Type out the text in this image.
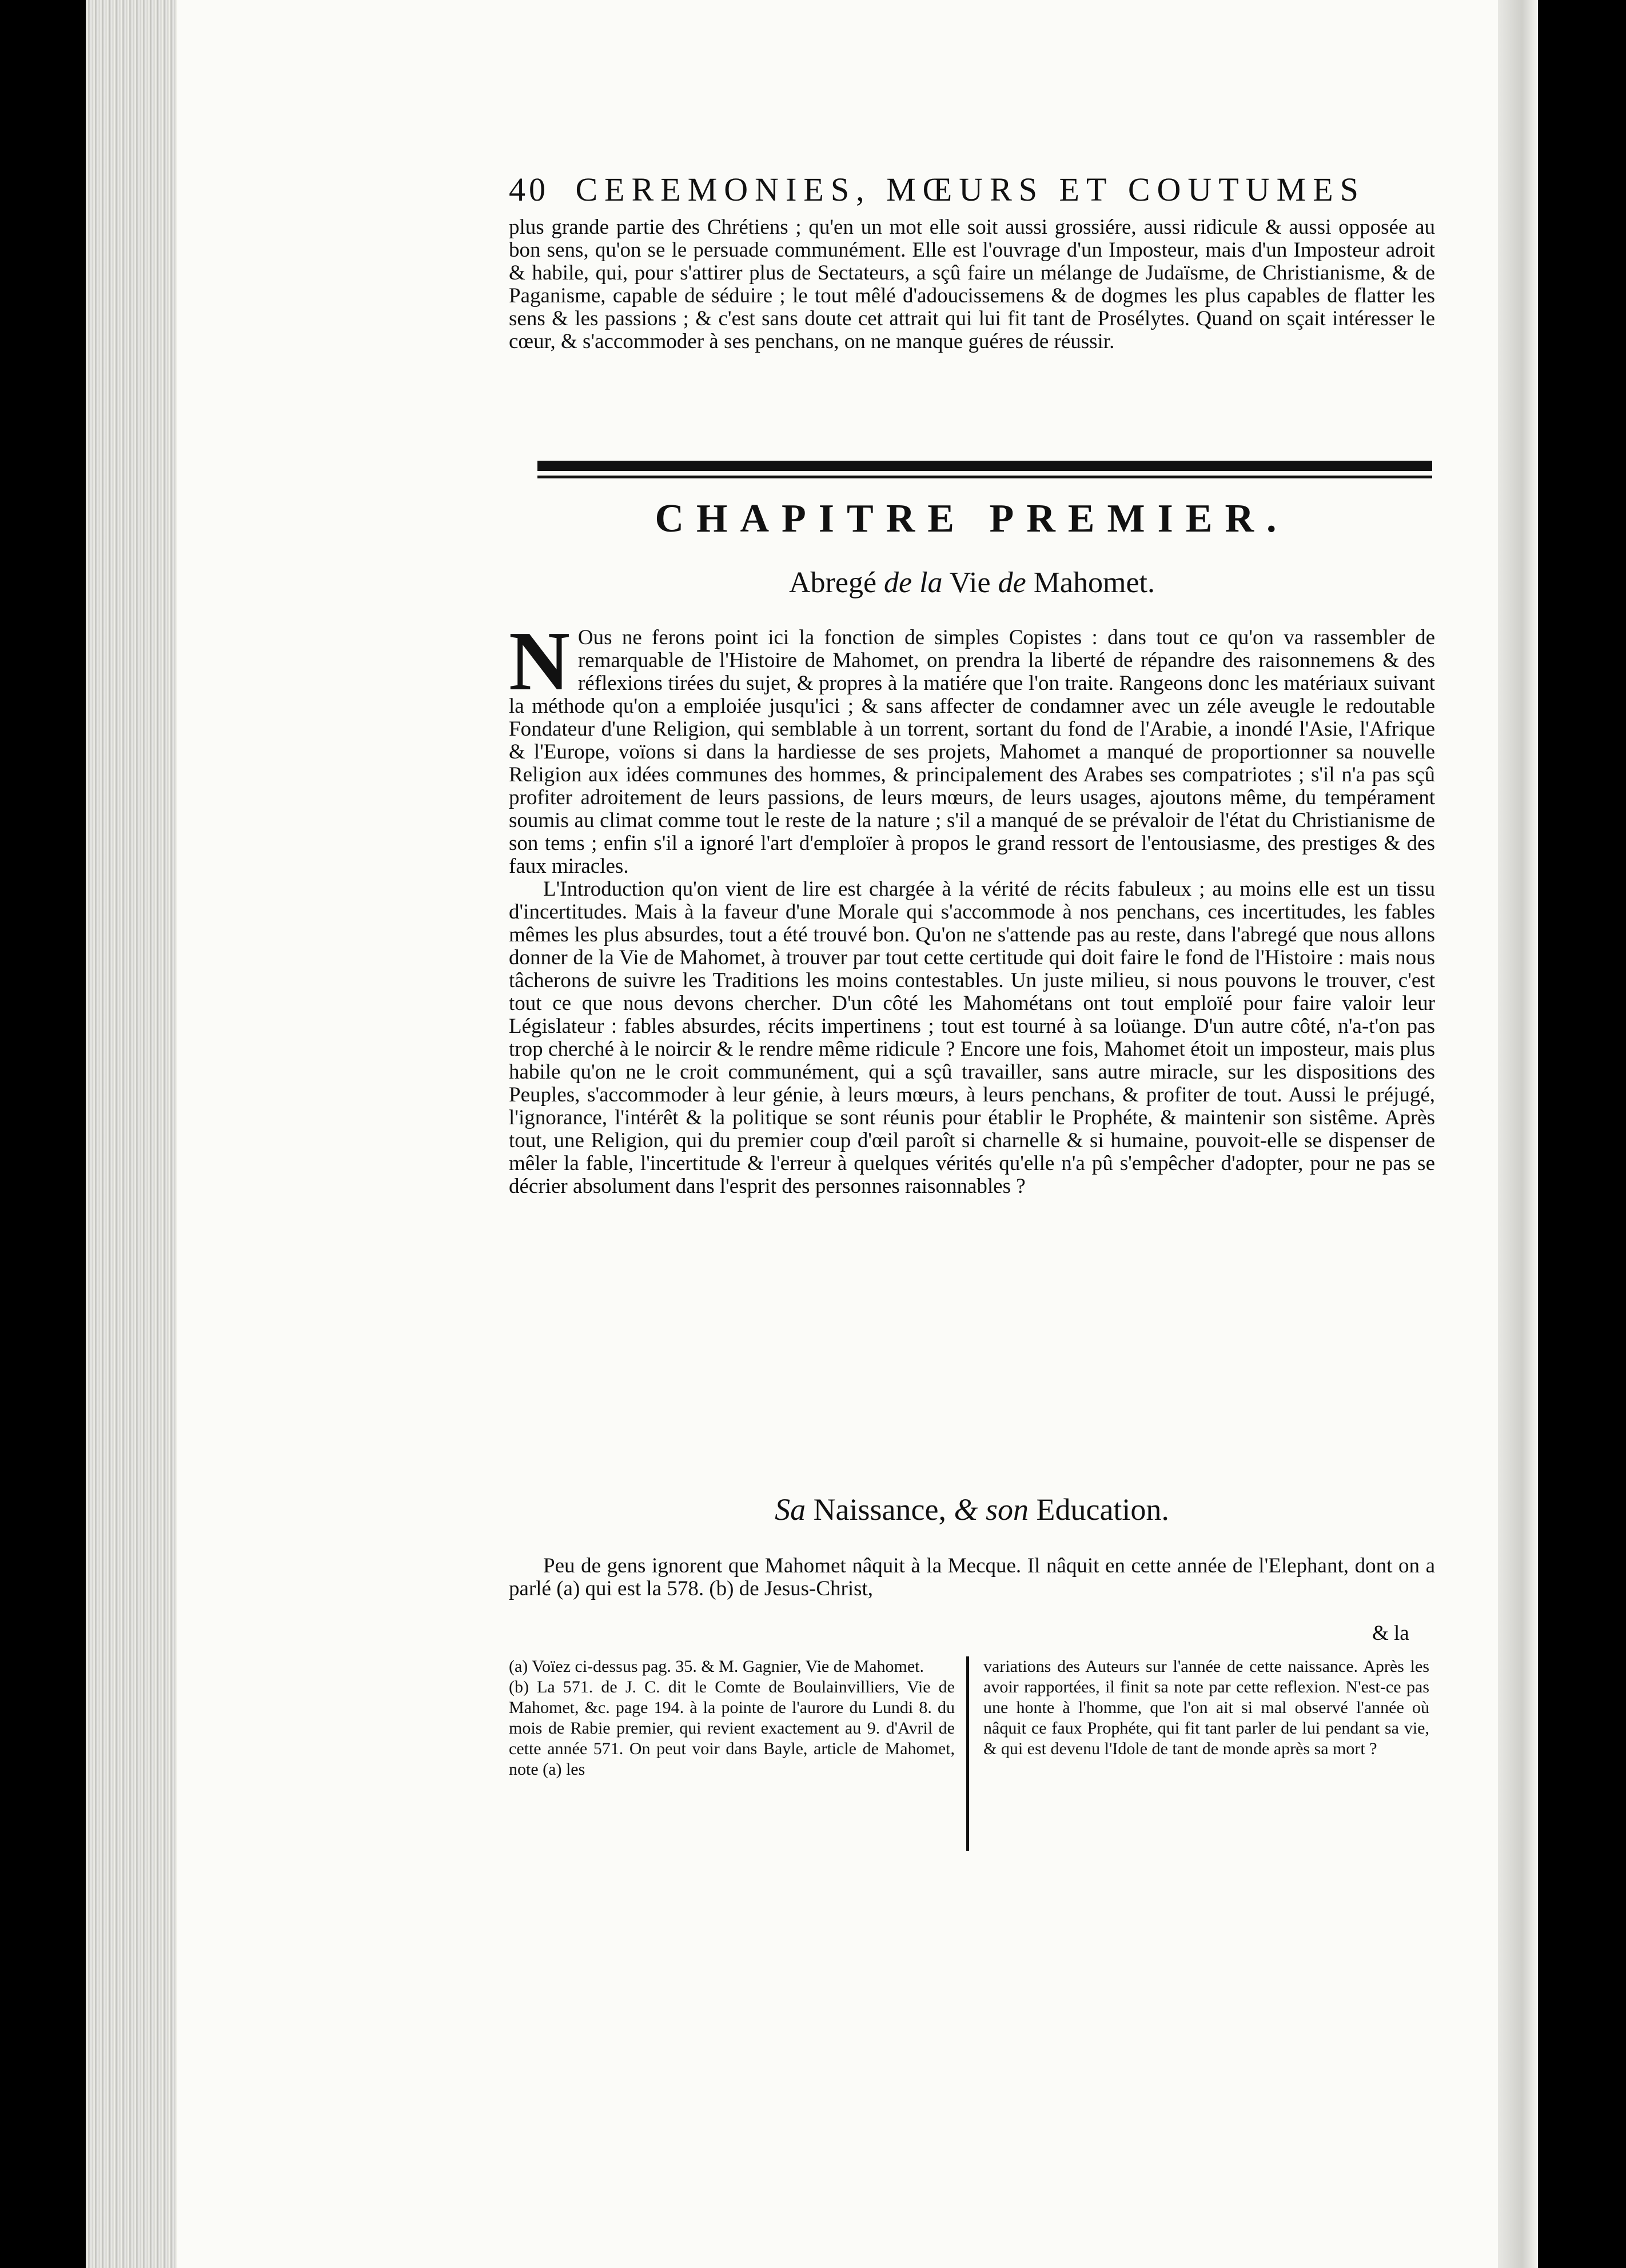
40 CEREMONIES, MŒURS ET COUTUMES

plus grande partie des Chrétiens ; qu'en un mot elle soit aussi grossiére, aussi ridicule & aussi opposée au bon sens, qu'on se le persuade communément. Elle est l'ouvrage d'un Imposteur, mais d'un Imposteur adroit & habile, qui, pour s'attirer plus de Sectateurs, a sçû faire un mélange de Judaïsme, de Christianisme, & de Paganisme, capable de séduire ; le tout mêlé d'adoucissemens & de dogmes les plus capables de flatter les sens & les passions ; & c'est sans doute cet attrait qui lui fit tant de Prosélytes. Quand on sçait intéresser le cœur, & s'accommoder à ses penchans, on ne manque guéres de réussir.

CHAPITRE PREMIER.
Abregé de la Vie de Mahomet.

N Ous ne ferons point ici la fonction de simples Copistes : dans tout ce qu'on va rassembler de remarquable de l'Histoire de Mahomet, on prendra la liberté de répandre des raisonnemens & des réflexions tirées du sujet, & propres à la matiére que l'on traite. Rangeons donc les matériaux suivant la méthode qu'on a emploiée jusqu'ici ; & sans affecter de condamner avec un zéle aveugle le redoutable Fondateur d'une Religion, qui semblable à un torrent, sortant du fond de l'Arabie, a inondé l'Asie, l'Afrique & l'Europe, voïons si dans la hardiesse de ses projets, Mahomet a manqué de proportionner sa nouvelle Religion aux idées communes des hommes, & principalement des Arabes ses compatriotes ; s'il n'a pas sçû profiter adroitement de leurs passions, de leurs mœurs, de leurs usages, ajoutons même, du tempérament soumis au climat comme tout le reste de la nature ; s'il a manqué de se prévaloir de l'état du Christianisme de son tems ; enfin s'il a ignoré l'art d'emploïer à propos le grand ressort de l'entousiasme, des prestiges & des faux miracles.

L'Introduction qu'on vient de lire est chargée à la vérité de récits fabuleux ; au moins elle est un tissu d'incertitudes. Mais à la faveur d'une Morale qui s'accommode à nos penchans, ces incertitudes, les fables mêmes les plus absurdes, tout a été trouvé bon. Qu'on ne s'attende pas au reste, dans l'abregé que nous allons donner de la Vie de Mahomet, à trouver par tout cette certitude qui doit faire le fond de l'Histoire : mais nous tâcherons de suivre les Traditions les moins contestables. Un juste milieu, si nous pouvons le trouver, c'est tout ce que nous devons chercher. D'un côté les Mahométans ont tout emploïé pour faire valoir leur Législateur : fables absurdes, récits impertinens ; tout est tourné à sa loüange. D'un autre côté, n'a-t'on pas trop cherché à le noircir & le rendre même ridicule ? Encore une fois, Mahomet étoit un imposteur, mais plus habile qu'on ne le croit communément, qui a sçû travailler, sans autre miracle, sur les dispositions des Peuples, s'accommoder à leur génie, à leurs mœurs, à leurs penchans, & profiter de tout. Aussi le préjugé, l'ignorance, l'intérêt & la politique se sont réunis pour établir le Prophéte, & maintenir son sistême. Après tout, une Religion, qui du premier coup d'œil paroît si charnelle & si humaine, pouvoit-elle se dispenser de mêler la fable, l'incertitude & l'erreur à quelques vérités qu'elle n'a pû s'empêcher d'adopter, pour ne pas se décrier absolument dans l'esprit des personnes raisonnables ?

Sa Naissance, & son Education.

Peu de gens ignorent que Mahomet nâquit à la Mecque. Il nâquit en cette année de l'Elephant, dont on a parlé (a) qui est la 578. (b) de Jesus-Christ,

& la

(a) Voïez ci-dessus pag. 35. & M. Gagnier, Vie de Mahomet.

(b) La 571. de J. C. dit le Comte de Boulainvilliers, Vie de Mahomet, &c. page 194. à la pointe de l'aurore du Lundi 8. du mois de Rabie premier, qui revient exactement au 9. d'Avril de cette année 571. On peut voir dans Bayle, article de Mahomet, note (a) les

variations des Auteurs sur l'année de cette naissance. Après les avoir rapportées, il finit sa note par cette reflexion. N'est-ce pas une honte à l'homme, que l'on ait si mal observé l'année où nâquit ce faux Prophéte, qui fit tant parler de lui pendant sa vie, & qui est devenu l'Idole de tant de monde après sa mort ?
